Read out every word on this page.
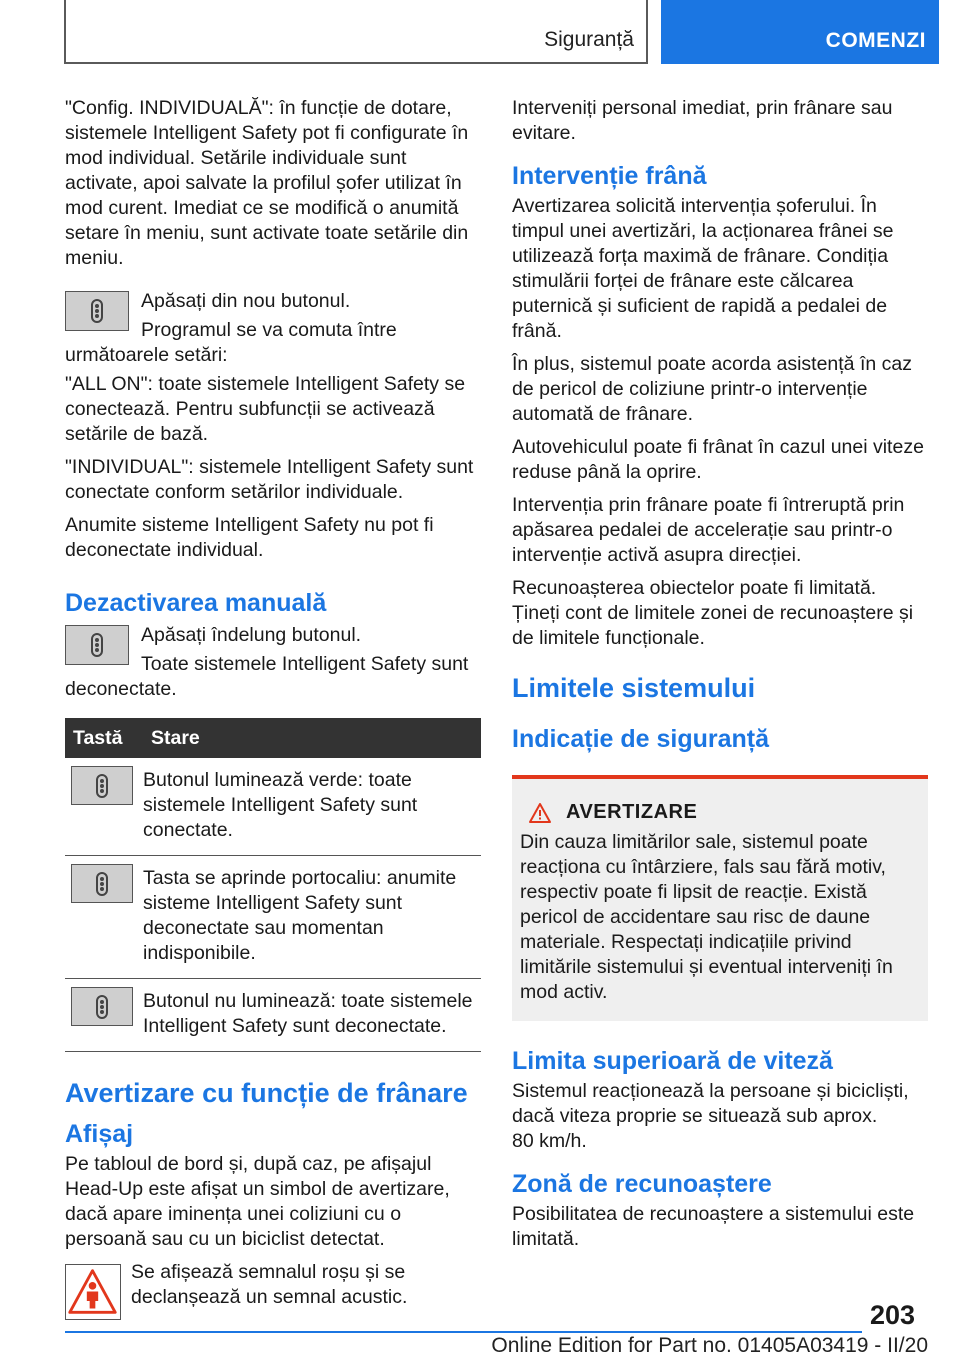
Siguranță	COMENZI

"Config. INDIVIDUALĂ": în funcție de dotare, sistemele Intelligent Safety pot fi configurate în mod individual. Setările individuale sunt activate, apoi salvate la profilul șofer utilizat în mod curent. Imediat ce se modifică o anumită setare în meniu, sunt activate toate setările din meniu.

Apăsați din nou butonul.

Programul se va comuta între următoarele setări:

"ALL ON": toate sistemele Intelligent Safety se conectează. Pentru subfuncții se activează setările de bază.

"INDIVIDUAL": sistemele Intelligent Safety sunt conectate conform setărilor individuale.

Anumite sisteme Intelligent Safety nu pot fi deconectate individual.

Dezactivarea manuală

Apăsați îndelung butonul.

Toate sistemele Intelligent Safety sunt deconectate.

Tastă	Stare

	Butonul luminează verde: toate sistemele Intelligent Safety sunt conectate.

	Tasta se aprinde portocaliu: anumite sisteme Intelligent Safety sunt deconectate sau momentan indisponibile.

	Butonul nu luminează: toate sistemele Intelligent Safety sunt deconectate.
Avertizare cu funcție de frânare
Afișaj

Pe tabloul de bord și, după caz, pe afișajul Head-Up este afișat un simbol de avertizare, dacă apare iminența unei coliziuni cu o persoană sau cu un biciclist detectat.

Se afișează semnalul roșu și se declanșează un semnal acustic.

Interveniți personal imediat, prin frânare sau evitare.

Intervenție frână

Avertizarea solicită intervenția șoferului. În timpul unei avertizări, la acționarea frânei se utilizează forța maximă de frânare. Condiția stimulării forței de frânare este călcarea puternică și suficient de rapidă a pedalei de frână.

În plus, sistemul poate acorda asistență în caz de pericol de coliziune printr-o intervenție automată de frânare.

Autovehiculul poate fi frânat în cazul unei viteze reduse până la oprire.

Intervenția prin frânare poate fi întreruptă prin apăsarea pedalei de accelerație sau printr-o intervenție activă asupra direcției.

Recunoașterea obiectelor poate fi limitată. Țineți cont de limitele zonei de recunoaștere și de limitele funcționale.

Limitele sistemului
Indicație de siguranță
AVERTIZARE

Din cauza limitărilor sale, sistemul poate reacționa cu întârziere, fals sau fără motiv, respectiv poate fi lipsit de reacție. Există pericol de accidentare sau risc de daune materiale. Respectați indicațiile privind limitările sistemului și eventual interveniți în mod activ.

Limita superioară de viteză

Sistemul reacționează la persoane și bicicliști, dacă viteza proprie se situează sub aprox.
80 km/h.

Zonă de recunoaștere

Posibilitatea de recunoaștere a sistemului este limitată.

203
Online Edition for Part no. 01405A03419 - II/20
